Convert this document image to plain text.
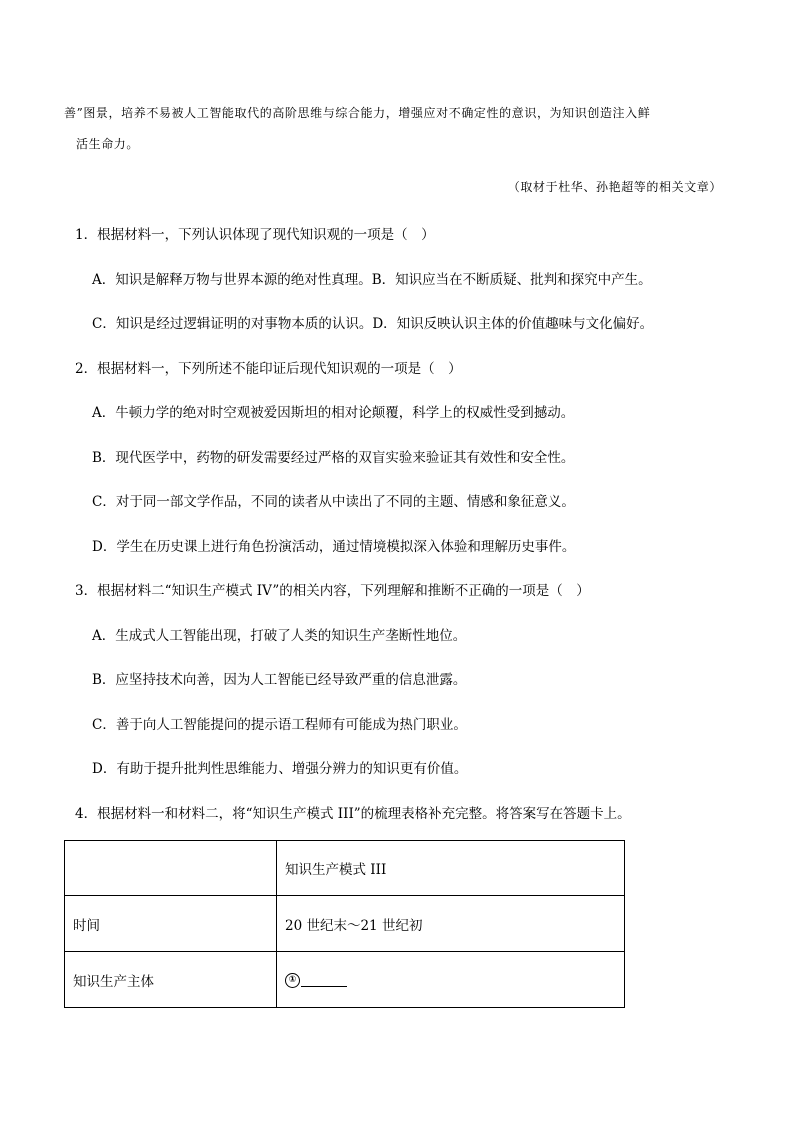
善”图景，培养不易被人工智能取代的高阶思维与综合能力，增强应对不确定性的意识，为知识创造注入鲜
活生命力。
（取材于杜华、孙艳超等的相关文章）
1．根据材料一，下列认识体现了现代知识观的一项是（　）
A．知识是解释万物与世界本源的绝对性真理。B．知识应当在不断质疑、批判和探究中产生。
C．知识是经过逻辑证明的对事物本质的认识。D．知识反映认识主体的价值趣味与文化偏好。
2．根据材料一，下列所述不能印证后现代知识观的一项是（　）
A．牛顿力学的绝对时空观被爱因斯坦的相对论颠覆，科学上的权威性受到撼动。
B．现代医学中，药物的研发需要经过严格的双盲实验来验证其有效性和安全性。
C．对于同一部文学作品，不同的读者从中读出了不同的主题、情感和象征意义。
D．学生在历史课上进行角色扮演活动，通过情境模拟深入体验和理解历史事件。
3．根据材料二“知识生产模式 IV”的相关内容，下列理解和推断不正确的一项是（　）
A．生成式人工智能出现，打破了人类的知识生产垄断性地位。
B．应坚持技术向善，因为人工智能已经导致严重的信息泄露。
C．善于向人工智能提问的提示语工程师有可能成为热门职业。
D．有助于提升批判性思维能力、增强分辨力的知识更有价值。
4．根据材料一和材料二，将“知识生产模式 III”的梳理表格补充完整。将答案写在答题卡上。
	知识生产模式 III
时间	20 世纪末～21 世纪初
知识生产主体	①
